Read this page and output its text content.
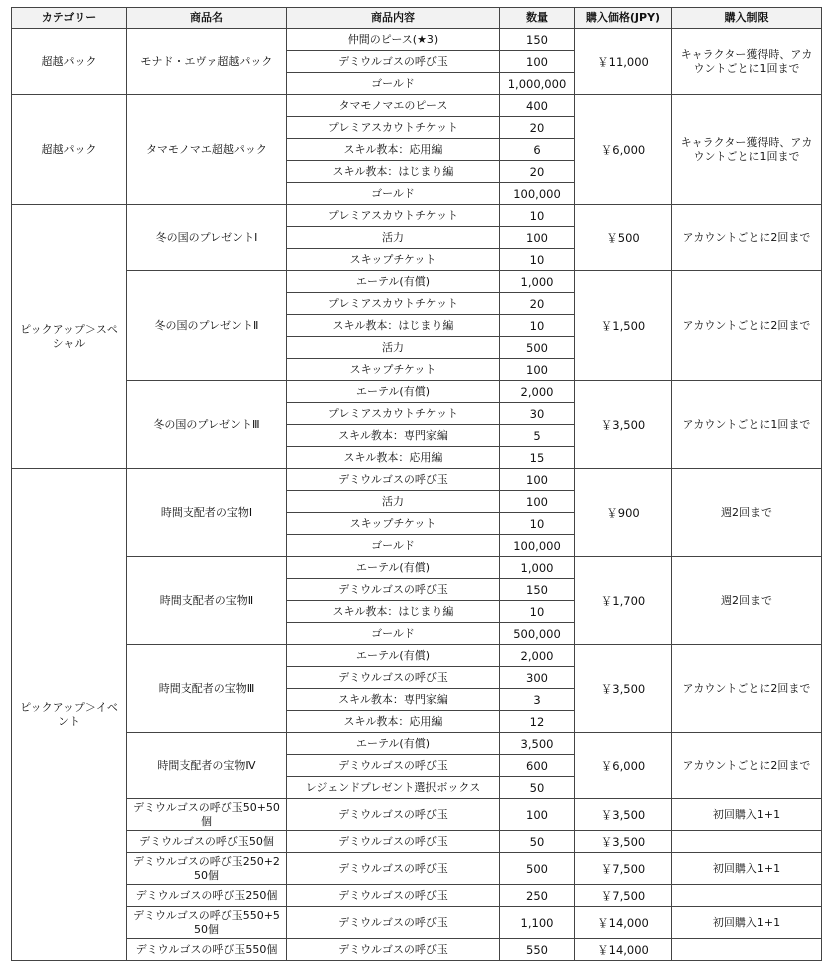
カテゴリー	商品名	商品内容	数量	購入価格(JPY)	購入制限
超越パック	モナド・エヴァ超越パック	仲間のピース(★3)	150	￥11,000	キャラクター獲得時、アカウントごとに1回まで
		デミウルゴスの呼び玉	100		
		ゴールド	1,000,000		
超越パック	タマモノマエ超越パック	タマモノマエのピース	400	￥6,000	キャラクター獲得時、アカウントごとに1回まで
		プレミアスカウトチケット	20		
		スキル教本：応用編	6		
		スキル教本：はじまり編	20		
		ゴールド	100,000		
ピックアップ＞スペシャル	冬の国のプレゼントⅠ	プレミアスカウトチケット	10	￥500	アカウントごとに2回まで
		活力	100		
		スキップチケット	10		
	冬の国のプレゼントⅡ	エーテル(有償)	1,000	￥1,500	アカウントごとに2回まで
		プレミアスカウトチケット	20		
		スキル教本：はじまり編	10		
		活力	500		
		スキップチケット	100		
	冬の国のプレゼントⅢ	エーテル(有償)	2,000	￥3,500	アカウントごとに1回まで
		プレミアスカウトチケット	30		
		スキル教本：専門家編	5		
		スキル教本：応用編	15		
ピックアップ＞イベント	時間支配者の宝物Ⅰ	デミウルゴスの呼び玉	100	￥900	週2回まで
		活力	100		
		スキップチケット	10		
		ゴールド	100,000		
	時間支配者の宝物Ⅱ	エーテル(有償)	1,000	￥1,700	週2回まで
		デミウルゴスの呼び玉	150		
		スキル教本：はじまり編	10		
		ゴールド	500,000		
	時間支配者の宝物Ⅲ	エーテル(有償)	2,000	￥3,500	アカウントごとに2回まで
		デミウルゴスの呼び玉	300		
		スキル教本：専門家編	3		
		スキル教本：応用編	12		
	時間支配者の宝物Ⅳ	エーテル(有償)	3,500	￥6,000	アカウントごとに2回まで
		デミウルゴスの呼び玉	600		
		レジェンドプレゼント選択ボックス	50		
	デミウルゴスの呼び玉50+50個	デミウルゴスの呼び玉	100	￥3,500	初回購入1+1
	デミウルゴスの呼び玉50個	デミウルゴスの呼び玉	50	￥3,500	
	デミウルゴスの呼び玉250+250個	デミウルゴスの呼び玉	500	￥7,500	初回購入1+1
	デミウルゴスの呼び玉250個	デミウルゴスの呼び玉	250	￥7,500	
	デミウルゴスの呼び玉550+550個	デミウルゴスの呼び玉	1,100	￥14,000	初回購入1+1
	デミウルゴスの呼び玉550個	デミウルゴスの呼び玉	550	￥14,000	
